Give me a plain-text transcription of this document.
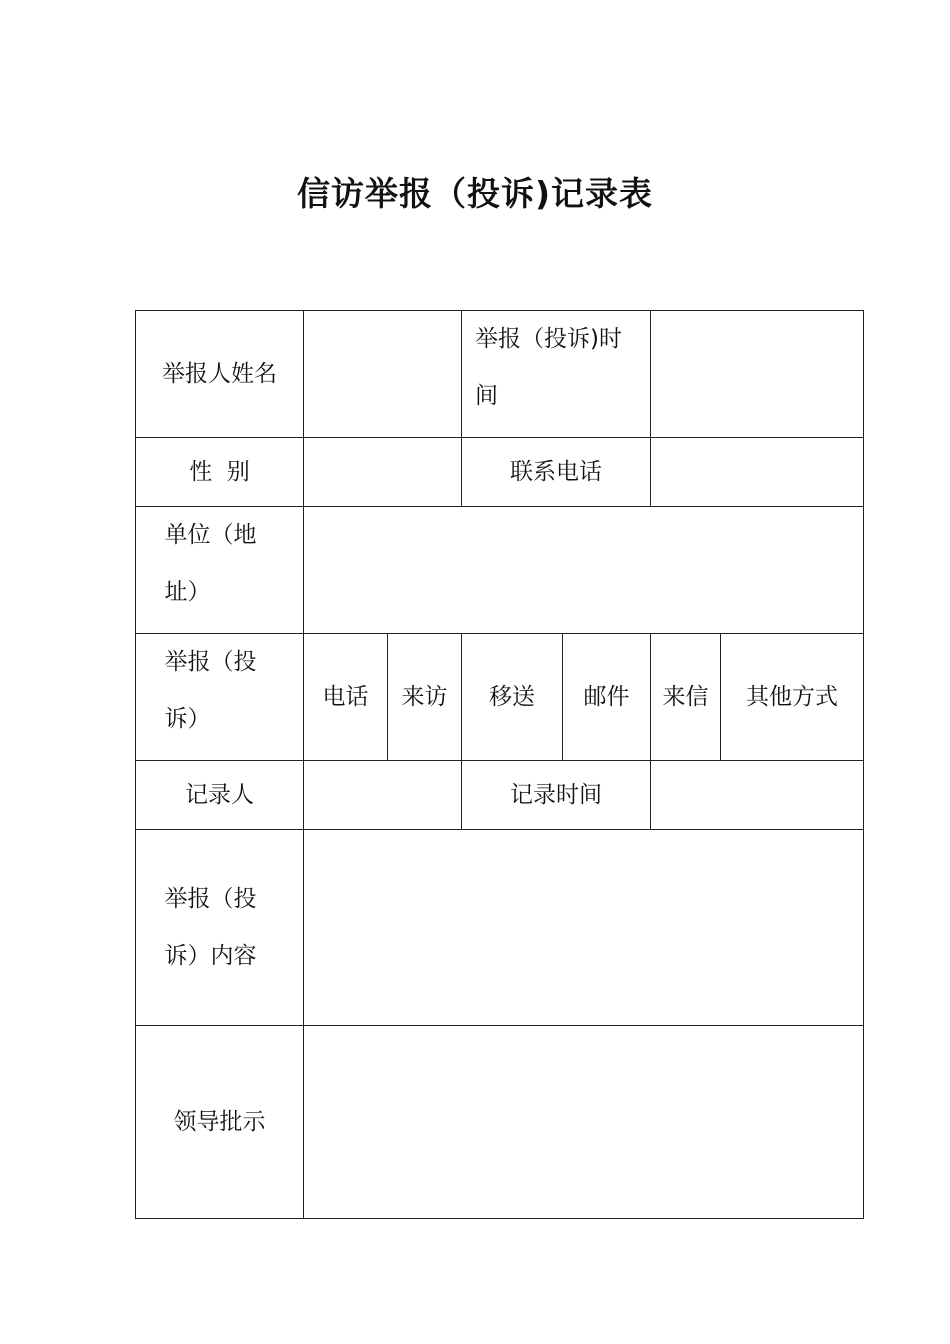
信访举报（投诉)记录表
举报人姓名			举报（投诉)时间			
性  别			联系电话			
单位（地址）						
举报（投诉）	电话	来访	移送	邮件	来信	其他方式
记录人			记录时间			
举报（投诉）内容						
领导批示						
